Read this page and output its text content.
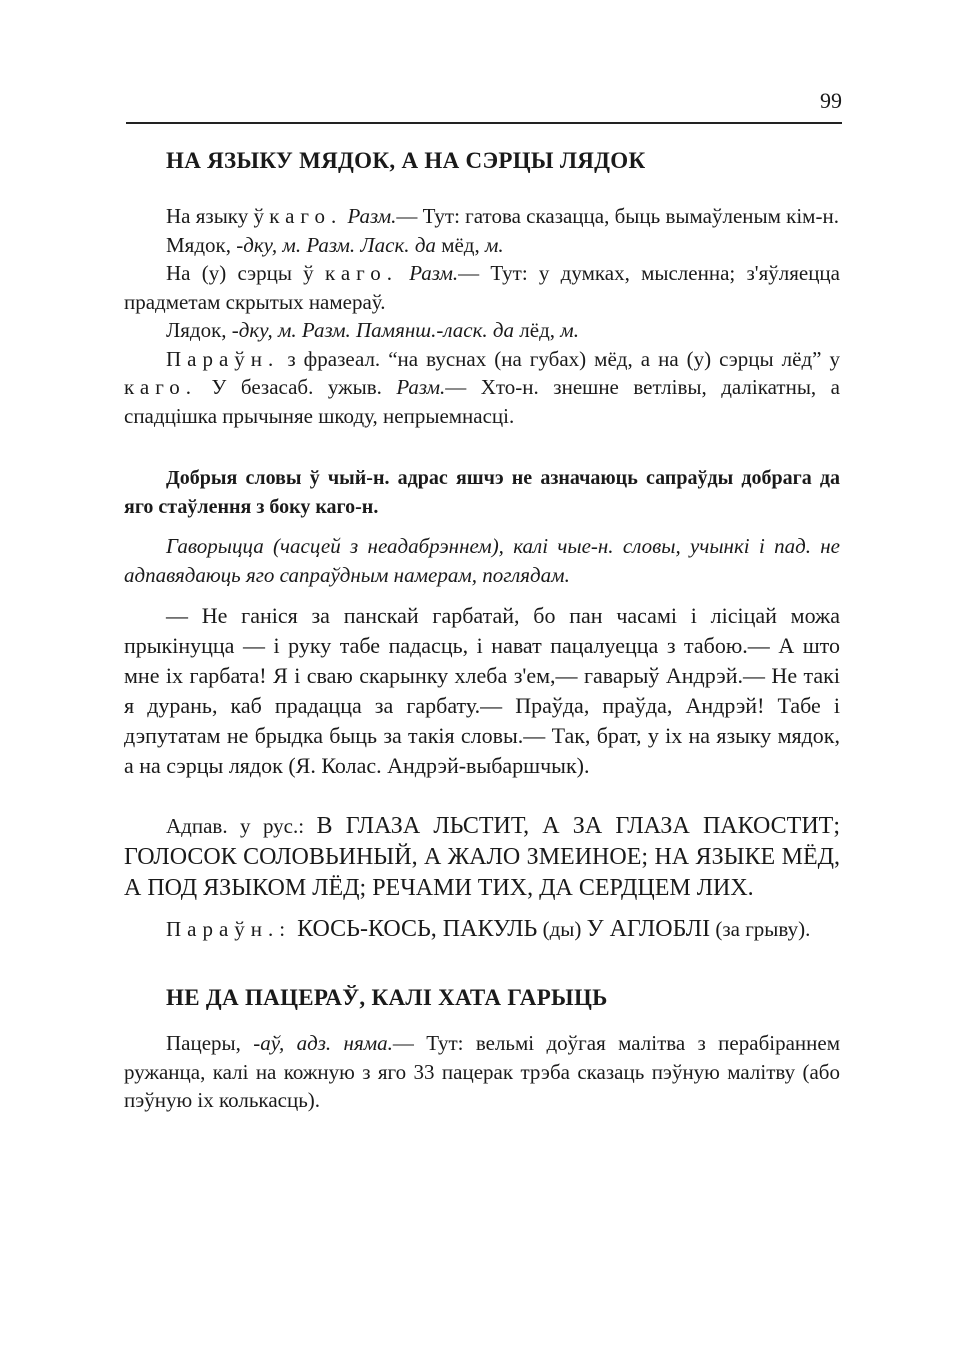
99
НА ЯЗЫКУ МЯДОК, А НА СЭРЦЫ ЛЯДОК

На языку ў каго. Разм.— Тут: гатова сказацца, быць вымаўленым кім-н.

Мядок, -дку, м. Разм. Ласк. да мёд, м.

На (у) сэрцы ў каго. Разм.— Тут: у думках, мысленна; з'яўляецца прадметам скрытых намераў.

Лядок, -дку, м. Разм. Памянш.-ласк. да лёд, м.

Параўн. з фразеал. “на вуснах (на губах) мёд, а на (у) сэрцы лёд” у каго. У безасаб. ужыв. Разм.— Хто-н. знешне ветлівы, далікатны, а спадцішка прычыняе шкоду, непрыемнасці.

Добрыя словы ў чый-н. адрас яшчэ не азначаюць сапраўды добрага да яго стаўлення з боку каго-н.

Гаворыцца (часцей з неадабрэннем), калі чые-н. словы, учынкі і пад. не адпавядаюць яго сапраўдным намерам, поглядам.

— Не ганіся за панскай гарбатай, бо пан часамі і лісіцай можа прыкінуцца — і руку табе падасць, і нават пацалуецца з табою.— А што мне іх гарбата! Я і сваю скарынку хлеба з'ем,— гаварыў Андрэй.— Не такі я дурань, каб прадацца за гарбату.— Праўда, праўда, Андрэй! Табе і дэпутатам не брыдка быць за такія словы.— Так, брат, у іх на языку мядок, а на сэрцы лядок (Я. Колас. Андрэй-выбаршчык).

Адпав. у рус.: В ГЛАЗА ЛЬСТИТ, А ЗА ГЛАЗА ПАКОСТИТ; ГОЛОСОК СОЛОВЬИНЫЙ, А ЖАЛО ЗМЕИНОЕ; НА ЯЗЫКЕ МЁД, А ПОД ЯЗЫКОМ ЛЁД; РЕЧАМИ ТИХ, ДА СЕРДЦЕМ ЛИХ.

Параўн.: КОСЬ-КОСЬ, ПАКУЛЬ (ды) У АГЛОБЛІ (за грыву).

НЕ ДА ПАЦЕРАЎ, КАЛІ ХАТА ГАРЫЦЬ

Пацеры, -аў, адз. няма.— Тут: вельмі доўгая малітва з перабіраннем ружанца, калі на кожную з яго 33 пацерак трэба сказаць пэўную малітву (або пэўную іх колькасць).
